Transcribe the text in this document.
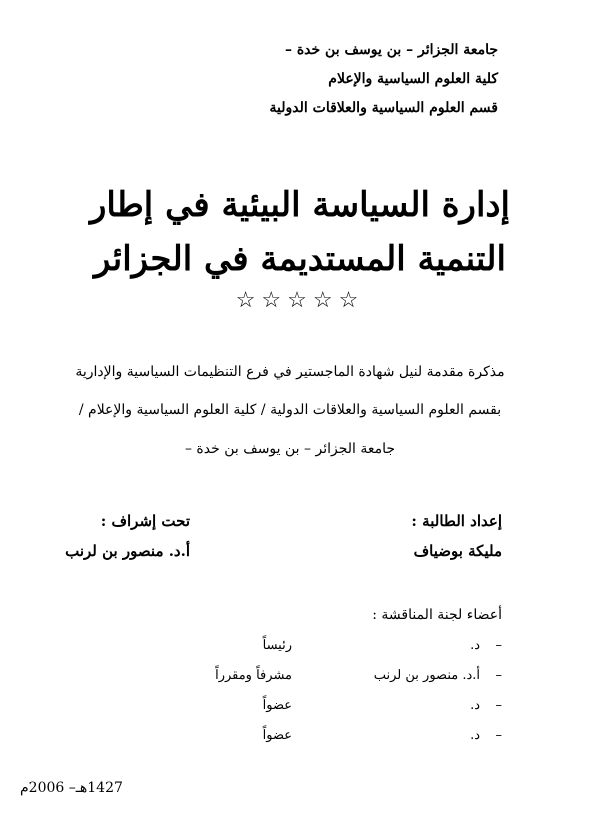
جامعة الجزائر – بن يوسف بن خدة –
كلية العلوم السياسية والإعلام
قسم العلوم السياسية والعلاقات الدولية
إدارة السياسة البيئية في إطار
التنمية المستديمة في الجزائر
☆☆☆☆☆
مذكرة مقدمة لنيل شهادة الماجستير في فرع التنظيمات السياسية والإدارية
بقسم العلوم السياسية والعلاقات الدولية / كلية العلوم السياسية والإعلام /
جامعة الجزائر – بن يوسف بن خدة –
إعداد الطالبة :
مليكة بوضياف
تحت إشراف :
أ.د. منصور بن لرنب
أعضاء لجنة المناقشة :
–
د.
رئيساً
–
أ.د. منصور بن لرنب
مشرفاً ومقرراً
–
د.
عضواً
–
د.
عضواً
1427هـ– 2006م
